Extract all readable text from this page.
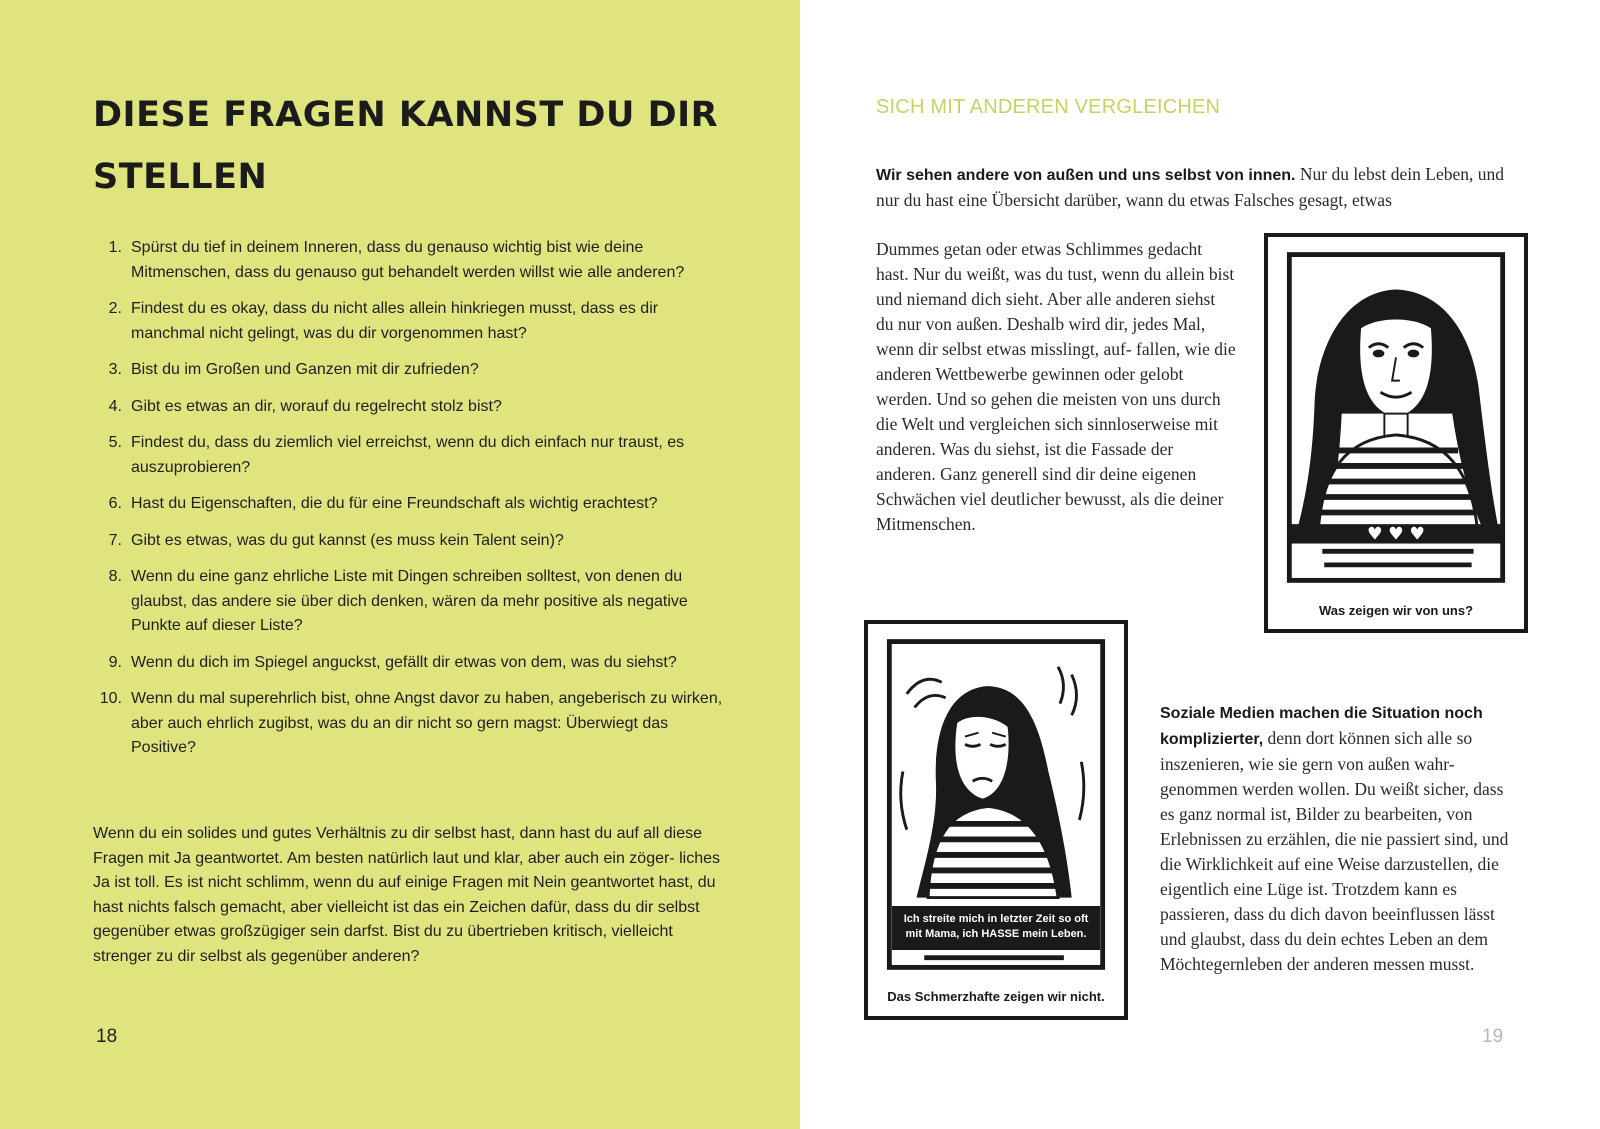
DIESE FRAGEN KANNST DU DIR STELLEN
1. Spürst du tief in deinem Inneren, dass du genauso wichtig bist wie deine Mitmenschen, dass du genauso gut behandelt werden willst wie alle anderen?
2. Findest du es okay, dass du nicht alles allein hinkriegen musst, dass es dir manchmal nicht gelingt, was du dir vorgenommen hast?
3. Bist du im Großen und Ganzen mit dir zufrieden?
4. Gibt es etwas an dir, worauf du regelrecht stolz bist?
5. Findest du, dass du ziemlich viel erreichst, wenn du dich einfach nur traust, es auszuprobieren?
6. Hast du Eigenschaften, die du für eine Freundschaft als wichtig erachtest?
7. Gibt es etwas, was du gut kannst (es muss kein Talent sein)?
8. Wenn du eine ganz ehrliche Liste mit Dingen schreiben solltest, von denen du glaubst, das andere sie über dich denken, wären da mehr positive als negative Punkte auf dieser Liste?
9. Wenn du dich im Spiegel anguckst, gefällt dir etwas von dem, was du siehst?
10. Wenn du mal superehrlich bist, ohne Angst davor zu haben, angeberisch zu wirken, aber auch ehrlich zugibst, was du an dir nicht so gern magst: Überwiegt das Positive?

Wenn du ein solides und gutes Verhältnis zu dir selbst hast, dann hast du auf all diese Fragen mit Ja geantwortet. Am besten natürlich laut und klar, aber auch ein zöger- liches Ja ist toll. Es ist nicht schlimm, wenn du auf einige Fragen mit Nein geantwortet hast, du hast nichts falsch gemacht, aber vielleicht ist das ein Zeichen dafür, dass du dir selbst gegenüber etwas großzügiger sein darfst. Bist du zu übertrieben kritisch, vielleicht strenger zu dir selbst als gegenüber anderen?

18
SICH MIT ANDEREN VERGLEICHEN

Wir sehen andere von außen und uns selbst von innen. Nur du lebst dein Leben, und nur du hast eine Übersicht darüber, wann du etwas Falsches gesagt, etwas

Dummes getan oder etwas Schlimmes gedacht hast. Nur du weißt, was du tust, wenn du allein bist und niemand dich sieht. Aber alle anderen siehst du nur von außen. Deshalb wird dir, jedes Mal, wenn dir selbst etwas misslingt, auf- fallen, wie die anderen Wettbewerbe gewinnen oder gelobt werden. Und so gehen die meisten von uns durch die Welt und vergleichen sich sinnloserweise mit anderen. Was du siehst, ist die Fassade der anderen. Ganz generell sind dir deine eigenen Schwächen viel deutlicher bewusst, als die deiner Mitmenschen.

♥ ♥ ♥
Was zeigen wir von uns?
Ich streite mich in letzter Zeit so oft
mit Mama, ich HASSE mein Leben.
Das Schmerzhafte zeigen wir nicht.

Soziale Medien machen die Situation noch komplizierter, denn dort können sich alle so inszenieren, wie sie gern von außen wahr- genommen werden wollen. Du weißt sicher, dass es ganz normal ist, Bilder zu bearbeiten, von Erlebnissen zu erzählen, die nie passiert sind, und die Wirklichkeit auf eine Weise darzustellen, die eigentlich eine Lüge ist. Trotzdem kann es passieren, dass du dich davon beeinflussen lässt und glaubst, dass du dein echtes Leben an dem Möchtegernleben der anderen messen musst.

19
